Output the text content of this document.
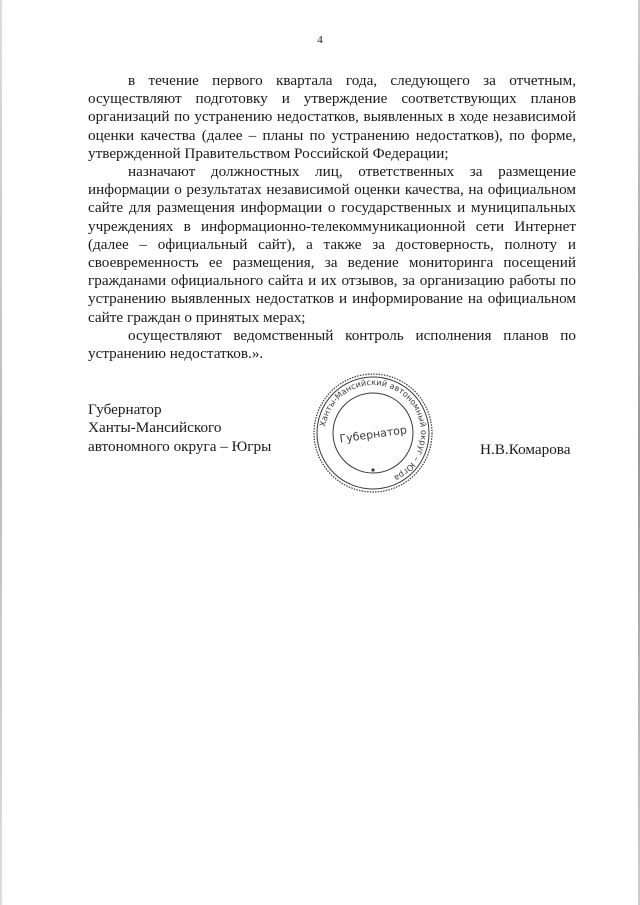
4

в течение первого квартала года, следующего за отчетным, осуществляют подготовку и утверждение соответствующих планов организаций по устранению недостатков, выявленных в ходе независимой оценки качества (далее – планы по устранению недостатков), по форме, утвержденной Правительством Российской Федерации;

назначают должностных лиц, ответственных за размещение информации о результатах независимой оценки качества, на официальном сайте для размещения информации о государственных и муниципальных учреждениях в информационно-телекоммуникационной сети Интернет (далее – официальный сайт), а также за достоверность, полноту и своевременность ее размещения, за ведение мониторинга посещений гражданами официального сайта и их отзывов, за организацию работы по устранению выявленных недостатков и информирование на официальном сайте граждан о принятых мерах;

осуществляют ведомственный контроль исполнения планов по устранению недостатков.».

Губернатор
Ханты-Мансийского
автономного округа – Югры
Ханты-Мансийский автономный округ – Югра
Губернатор
Н.В.Комарова
